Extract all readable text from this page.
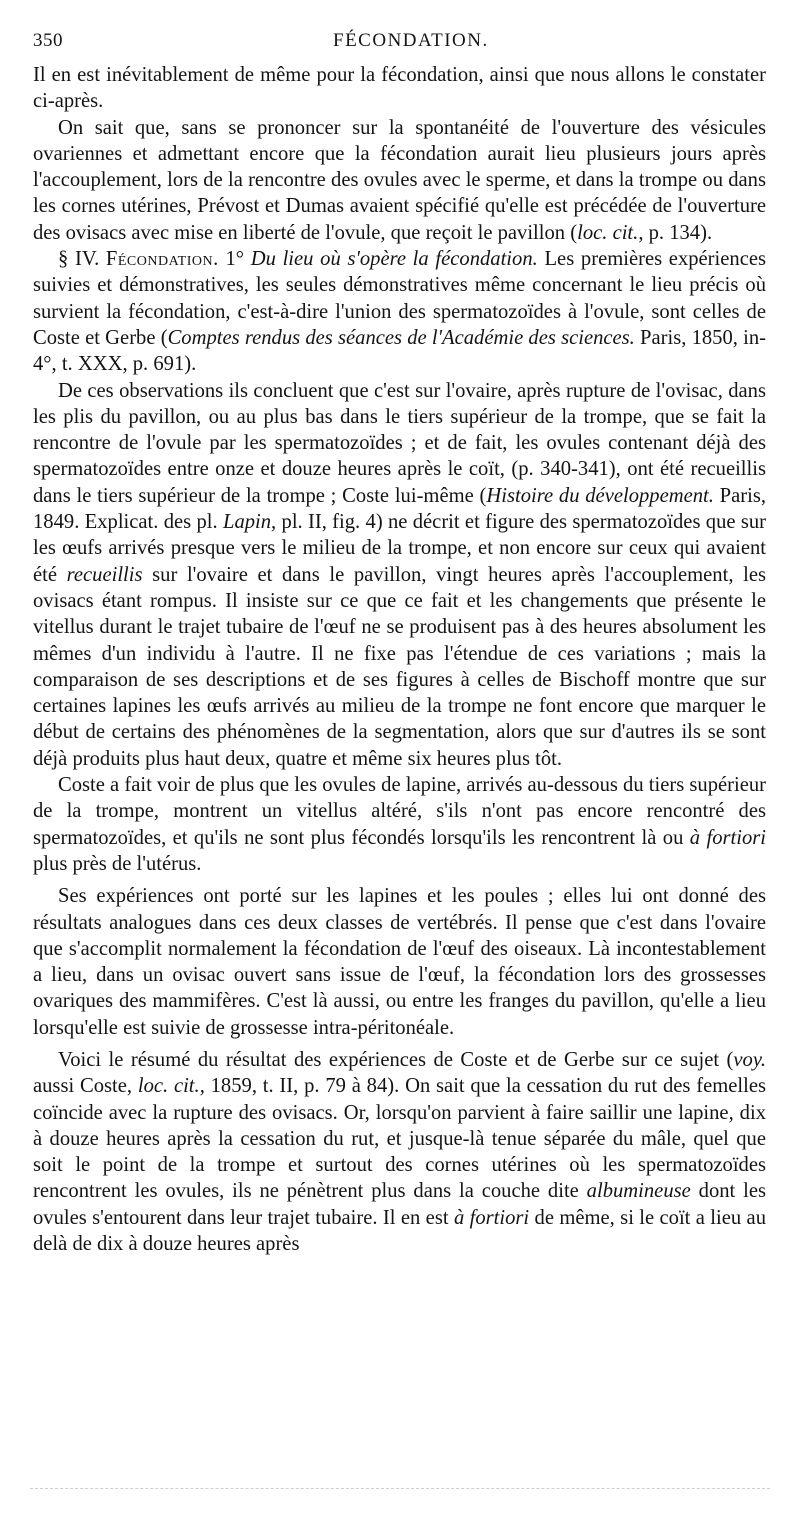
350	FÉCONDATION.

Il en est inévitablement de même pour la fécondation, ainsi que nous allons le constater ci-après.

On sait que, sans se prononcer sur la spontanéité de l'ouverture des vésicules ovariennes et admettant encore que la fécondation aurait lieu plusieurs jours après l'accouplement, lors de la rencontre des ovules avec le sperme, et dans la trompe ou dans les cornes utérines, Prévost et Dumas avaient spécifié qu'elle est précédée de l'ouverture des ovisacs avec mise en liberté de l'ovule, que reçoit le pavillon (loc. cit., p. 134).

§ IV. Fécondation. 1° Du lieu où s'opère la fécondation. Les premières expériences suivies et démonstratives, les seules démonstratives même concernant le lieu précis où survient la fécondation, c'est-à-dire l'union des spermatozoïdes à l'ovule, sont celles de Coste et Gerbe (Comptes rendus des séances de l'Académie des sciences. Paris, 1850, in-4°, t. XXX, p. 691).

De ces observations ils concluent que c'est sur l'ovaire, après rupture de l'ovisac, dans les plis du pavillon, ou au plus bas dans le tiers supérieur de la trompe, que se fait la rencontre de l'ovule par les spermatozoïdes ; et de fait, les ovules contenant déjà des spermatozoïdes entre onze et douze heures après le coït, (p. 340-341), ont été recueillis dans le tiers supérieur de la trompe ; Coste lui-même (Histoire du développement. Paris, 1849. Explicat. des pl. Lapin, pl. II, fig. 4) ne décrit et figure des spermatozoïdes que sur les œufs arrivés presque vers le milieu de la trompe, et non encore sur ceux qui avaient été recueillis sur l'ovaire et dans le pavillon, vingt heures après l'accouplement, les ovisacs étant rompus. Il insiste sur ce que ce fait et les changements que présente le vitellus durant le trajet tubaire de l'œuf ne se produisent pas à des heures absolument les mêmes d'un individu à l'autre. Il ne fixe pas l'étendue de ces variations ; mais la comparaison de ses descriptions et de ses figures à celles de Bischoff montre que sur certaines lapines les œufs arrivés au milieu de la trompe ne font encore que marquer le début de certains des phénomènes de la segmentation, alors que sur d'autres ils se sont déjà produits plus haut deux, quatre et même six heures plus tôt.

Coste a fait voir de plus que les ovules de lapine, arrivés au-dessous du tiers supérieur de la trompe, montrent un vitellus altéré, s'ils n'ont pas encore rencontré des spermatozoïdes, et qu'ils ne sont plus fécondés lorsqu'ils les rencontrent là ou à fortiori plus près de l'utérus.

Ses expériences ont porté sur les lapines et les poules ; elles lui ont donné des résultats analogues dans ces deux classes de vertébrés. Il pense que c'est dans l'ovaire que s'accomplit normalement la fécondation de l'œuf des oiseaux. Là incontestablement a lieu, dans un ovisac ouvert sans issue de l'œuf, la fécondation lors des grossesses ovariques des mammifères. C'est là aussi, ou entre les franges du pavillon, qu'elle a lieu lorsqu'elle est suivie de grossesse intra-péritonéale.

Voici le résumé du résultat des expériences de Coste et de Gerbe sur ce sujet (voy. aussi Coste, loc. cit., 1859, t. II, p. 79 à 84). On sait que la cessation du rut des femelles coïncide avec la rupture des ovisacs. Or, lorsqu'on parvient à faire saillir une lapine, dix à douze heures après la cessation du rut, et jusque-là tenue séparée du mâle, quel que soit le point de la trompe et surtout des cornes utérines où les spermatozoïdes rencontrent les ovules, ils ne pénètrent plus dans la couche dite albumineuse dont les ovules s'entourent dans leur trajet tubaire. Il en est à fortiori de même, si le coït a lieu au delà de dix à douze heures après
